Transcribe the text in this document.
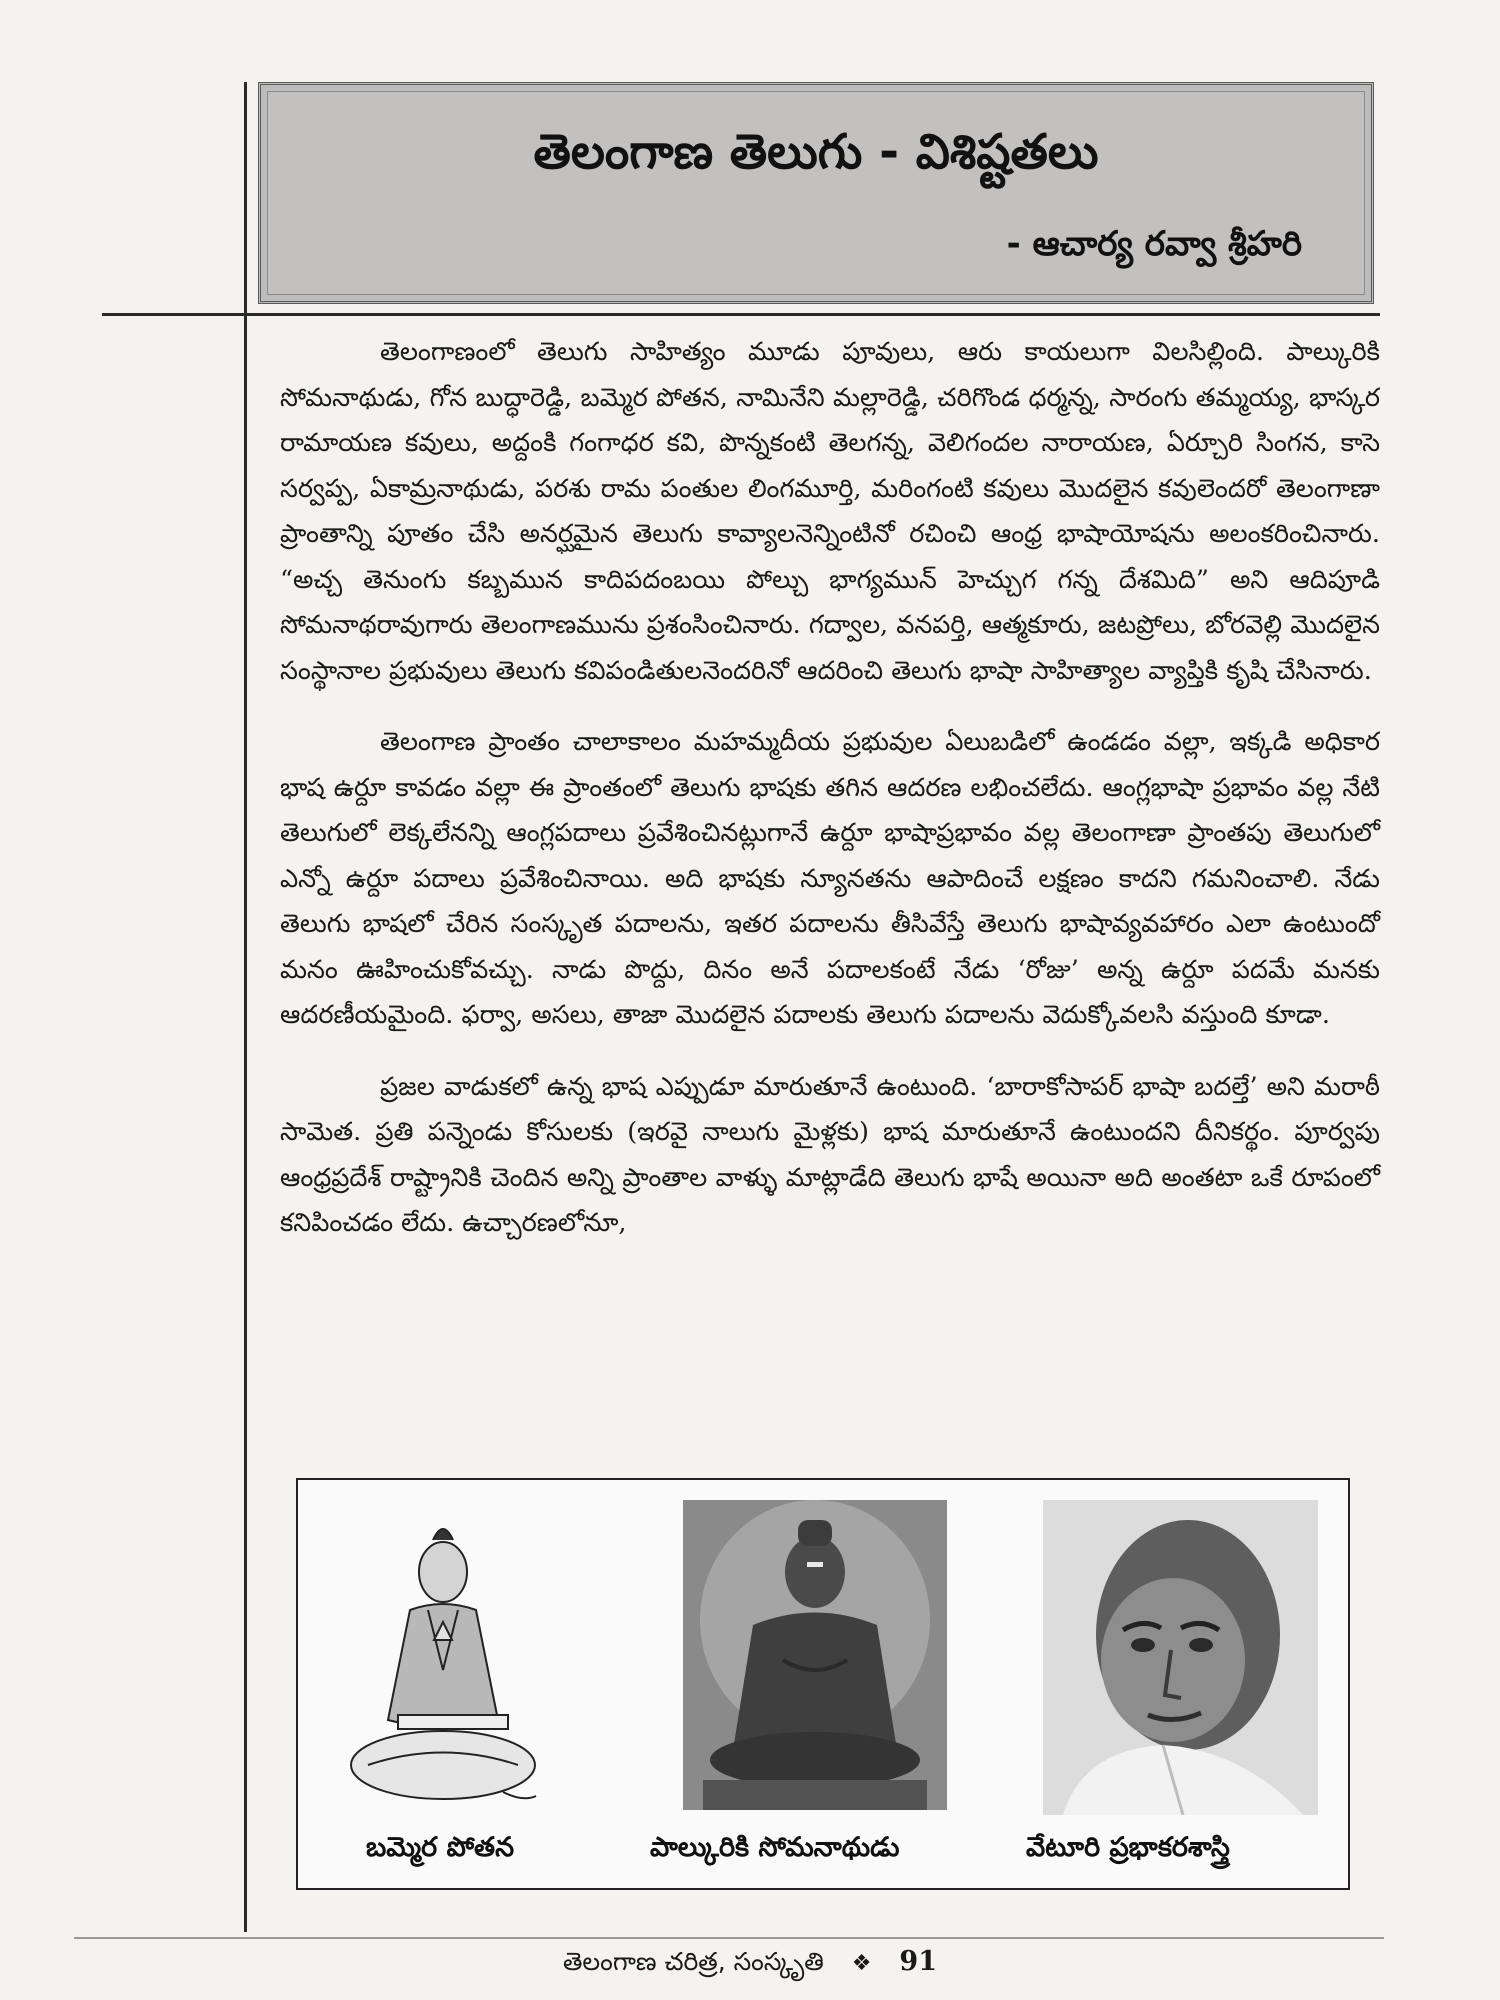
తెలంగాణ తెలుగు - విశిష్టతలు
- ఆచార్య రవ్వా శ్రీహరి

తెలంగాణంలో తెలుగు సాహిత్యం మూడు పూవులు, ఆరు కాయలుగా విలసిల్లింది. పాల్కురికి సోమనాథుడు, గోన బుద్ధారెడ్డి, బమ్మెర పోతన, నామినేని మల్లారెడ్డి, చరిగొండ ధర్మన్న, సారంగు తమ్మయ్య, భాస్కర రామాయణ కవులు, అద్దంకి గంగాధర కవి, పొన్నకంటి తెలగన్న, వెలిగందల నారాయణ, ఏర్చూరి సింగన, కాసె సర్వప్ప, ఏకామ్రనాథుడు, పరశు రామ పంతుల లింగమూర్తి, మరింగంటి కవులు మొదలైన కవులెందరో తెలంగాణా ప్రాంతాన్ని పూతం చేసి అనర్ఘమైన తెలుగు కావ్యాలనెన్నింటినో రచించి ఆంధ్ర భాషాయోషను అలంకరించినారు. “అచ్చ తెనుంగు కబ్బమున కాదిపదంబయి పోల్చు భాగ్యమున్ హెచ్చుగ గన్న దేశమిది” అని ఆదిపూడి సోమనాథరావుగారు తెలంగాణమును ప్రశంసించినారు. గద్వాల, వనపర్తి, ఆత్మకూరు, జటప్రోలు, బోరవెల్లి మొదలైన సంస్థానాల ప్రభువులు తెలుగు కవిపండితులనెందరినో ఆదరించి తెలుగు భాషా సాహిత్యాల వ్యాప్తికి కృషి చేసినారు.

తెలంగాణ ప్రాంతం చాలాకాలం మహమ్మదీయ ప్రభువుల ఏలుబడిలో ఉండడం వల్లా, ఇక్కడి అధికార భాష ఉర్దూ కావడం వల్లా ఈ ప్రాంతంలో తెలుగు భాషకు తగిన ఆదరణ లభించలేదు. ఆంగ్లభాషా ప్రభావం వల్ల నేటి తెలుగులో లెక్కలేనన్ని ఆంగ్లపదాలు ప్రవేశించినట్లుగానే ఉర్దూ భాషాప్రభావం వల్ల తెలంగాణా ప్రాంతపు తెలుగులో ఎన్నో ఉర్దూ పదాలు ప్రవేశించినాయి. అది భాషకు న్యూనతను ఆపాదించే లక్షణం కాదని గమనించాలి. నేడు తెలుగు భాషలో చేరిన సంస్కృత పదాలను, ఇతర పదాలను తీసివేస్తే తెలుగు భాషావ్యవహారం ఎలా ఉంటుందో మనం ఊహించుకోవచ్చు. నాడు పొద్దు, దినం అనే పదాలకంటే నేడు ‘రోజు’ అన్న ఉర్దూ పదమే మనకు ఆదరణీయమైంది. ఫర్వా, అసలు, తాజా మొదలైన పదాలకు తెలుగు పదాలను వెదుక్కోవలసి వస్తుంది కూడా.

ప్రజల వాడుకలో ఉన్న భాష ఎప్పుడూ మారుతూనే ఉంటుంది. ‘బారాకోసాపర్ భాషా బదల్తే’ అని మరాఠీ సామెత. ప్రతి పన్నెండు కోసులకు (ఇరవై నాలుగు మైళ్లకు) భాష మారుతూనే ఉంటుందని దీనికర్థం. పూర్వపు ఆంధ్రప్రదేశ్ రాష్ట్రానికి చెందిన అన్ని ప్రాంతాల వాళ్ళు మాట్లాడేది తెలుగు భాషే అయినా అది అంతటా ఒకే రూపంలో కనిపించడం లేదు. ఉచ్చారణలోనూ,

బమ్మెర పోతన	పాల్కురికి సోమనాథుడు	వేటూరి ప్రభాకరశాస్త్రి
తెలంగాణ చరిత్ర, సంస్కృతి ❖ 91
